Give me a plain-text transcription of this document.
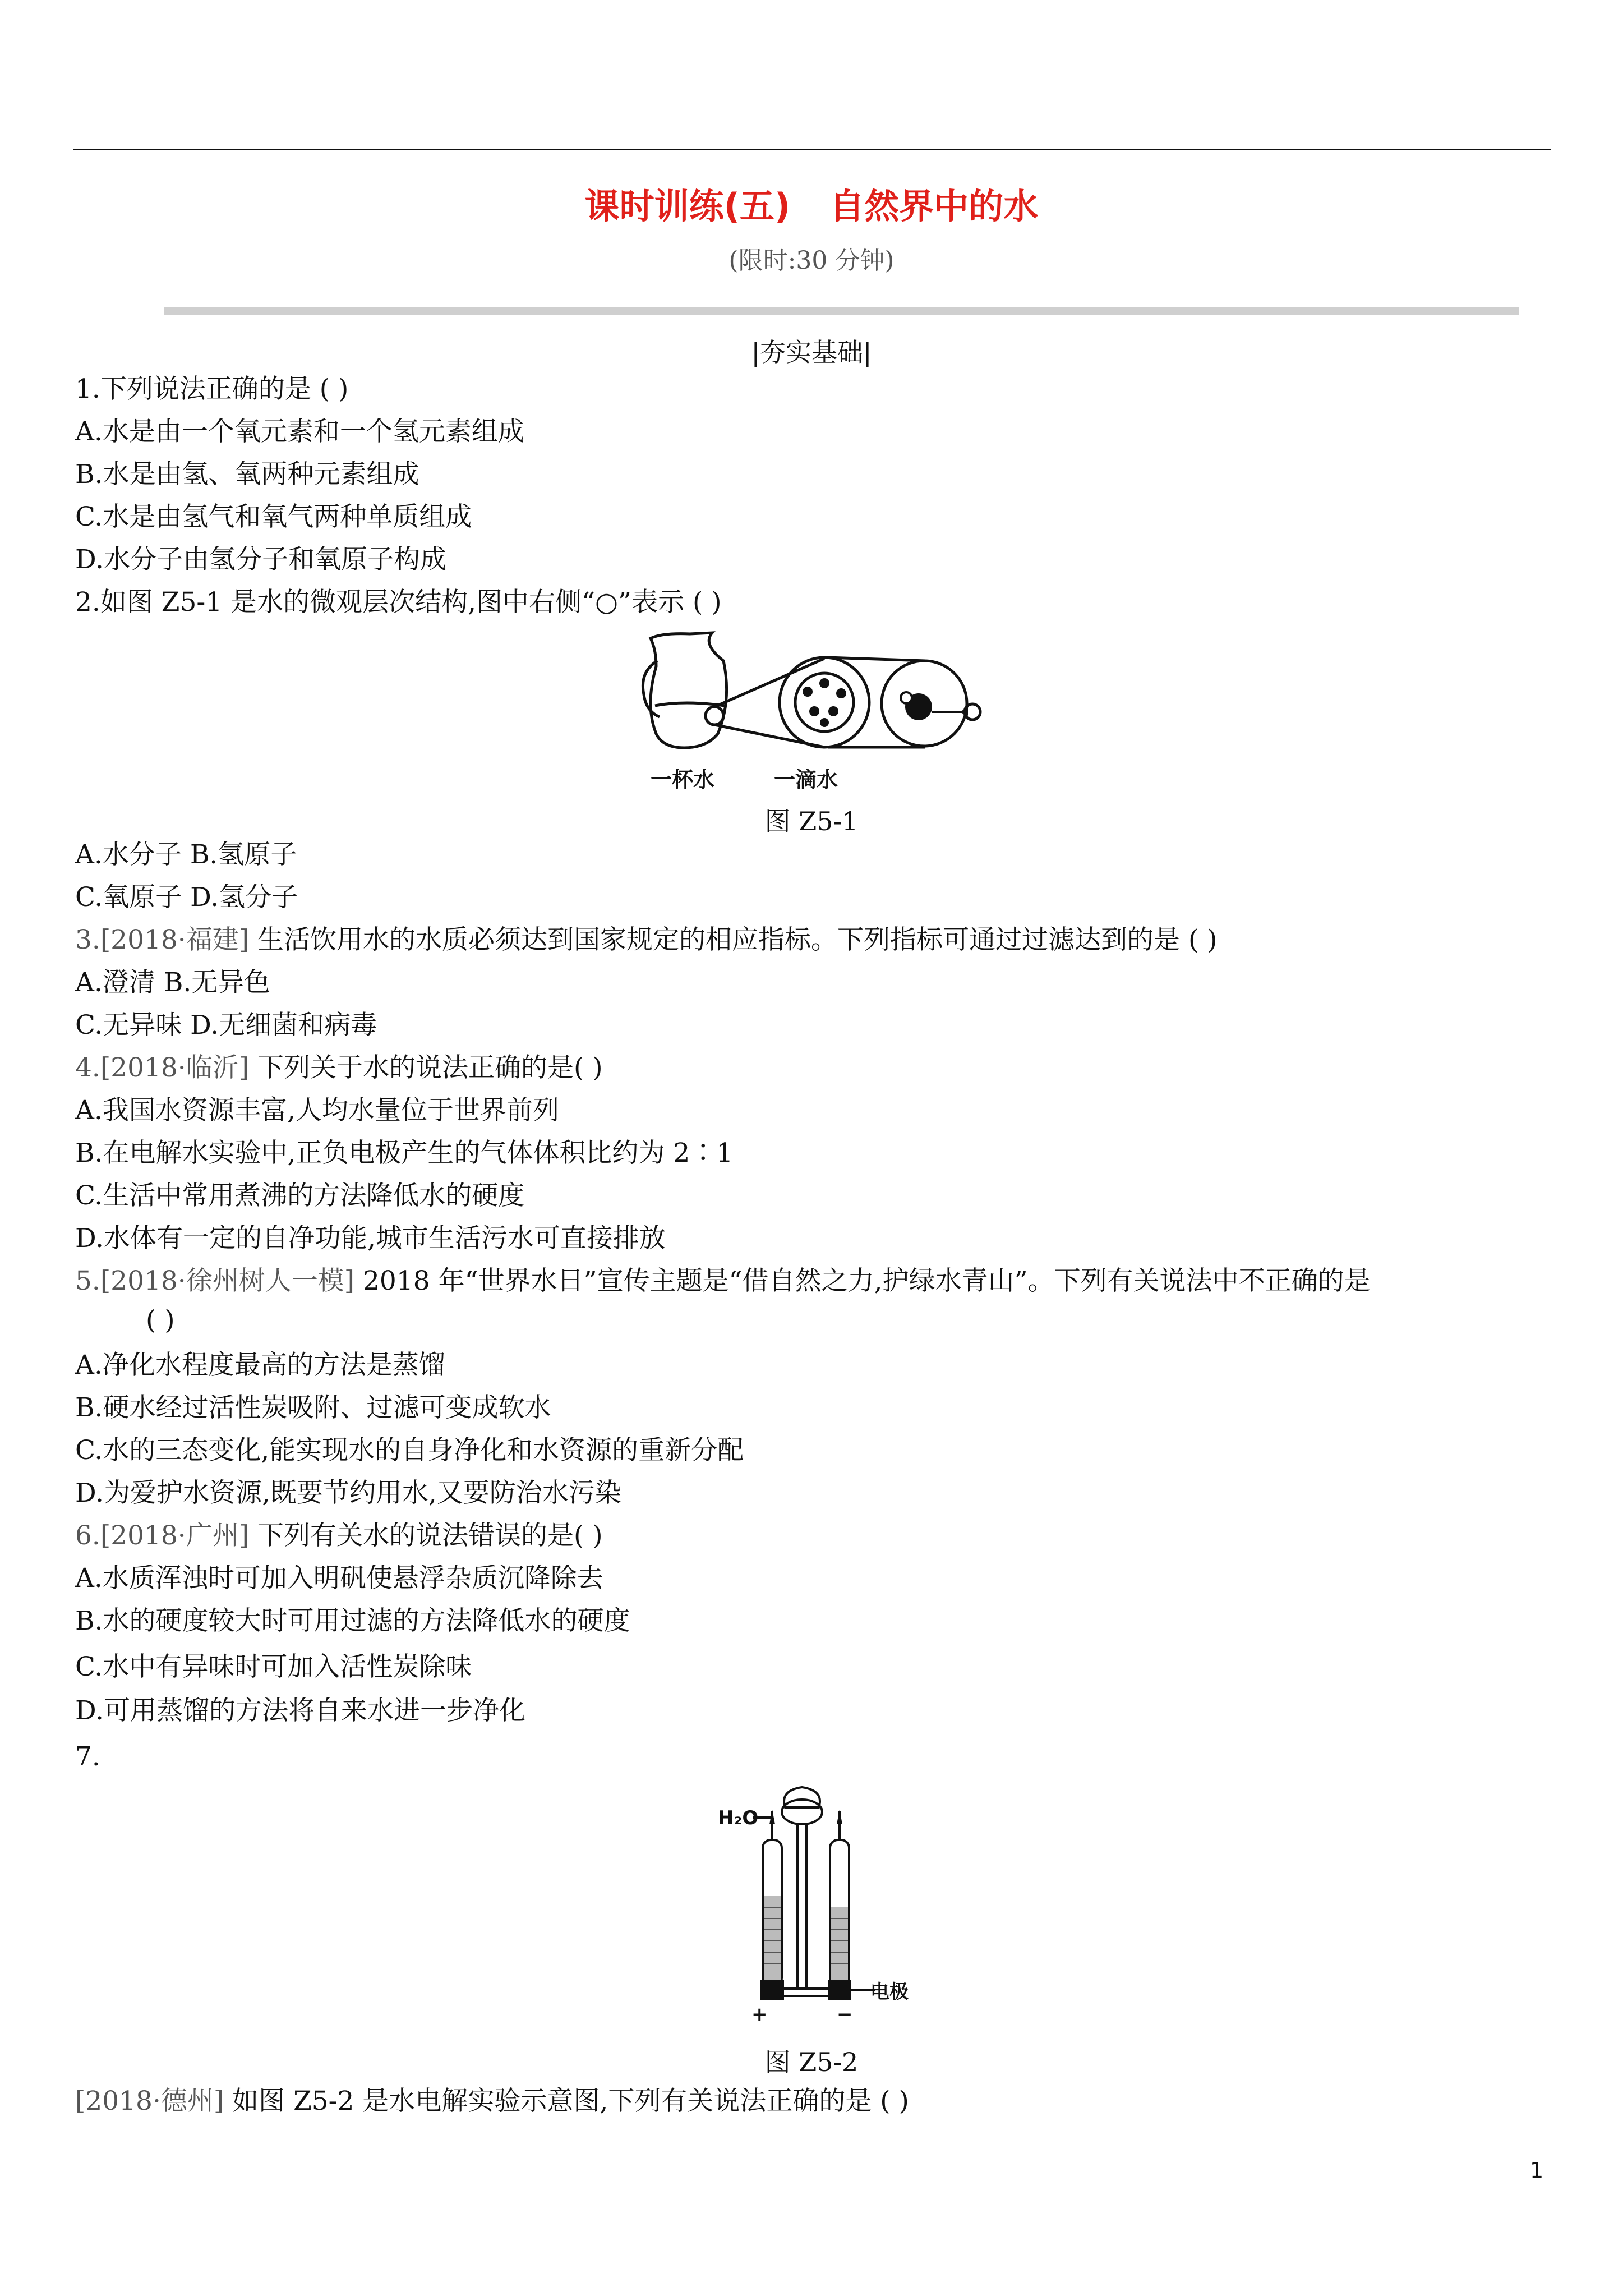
课时训练(五) 自然界中的水
(限时:30 分钟)
|夯实基础|
1.下列说法正确的是 ( )
A.水是由一个氧元素和一个氢元素组成
B.水是由氢、氧两种元素组成
C.水是由氢气和氧气两种单质组成
D.水分子由氢分子和氧原子构成
2.如图 Z5-1 是水的微观层次结构,图中右侧“○”表示 ( )
一杯水	一滴水
图 Z5-1
A.水分子 B.氢原子
C.氧原子 D.氢分子
3.[2018·福建] 生活饮用水的水质必须达到国家规定的相应指标。下列指标可通过过滤达到的是 ( )
A.澄清 B.无异色
C.无异味 D.无细菌和病毒
4.[2018·临沂] 下列关于水的说法正确的是( )
A.我国水资源丰富,人均水量位于世界前列
B.在电解水实验中,正负电极产生的气体体积比约为 2∶1
C.生活中常用煮沸的方法降低水的硬度
D.水体有一定的自净功能,城市生活污水可直接排放
5.[2018·徐州树人一模] 2018 年“世界水日”宣传主题是“借自然之力,护绿水青山”。下列有关说法中不正确的是
( )
A.净化水程度最高的方法是蒸馏
B.硬水经过活性炭吸附、过滤可变成软水
C.水的三态变化,能实现水的自身净化和水资源的重新分配
D.为爱护水资源,既要节约用水,又要防治水污染
6.[2018·广州] 下列有关水的说法错误的是( )
A.水质浑浊时可加入明矾使悬浮杂质沉降除去
B.水的硬度较大时可用过滤的方法降低水的硬度
C.水中有异味时可加入活性炭除味
D.可用蒸馏的方法将自来水进一步净化
7.
H₂O
电极
+	−
图 Z5-2
[2018·德州] 如图 Z5-2 是水电解实验示意图,下列有关说法正确的是 ( )
1
